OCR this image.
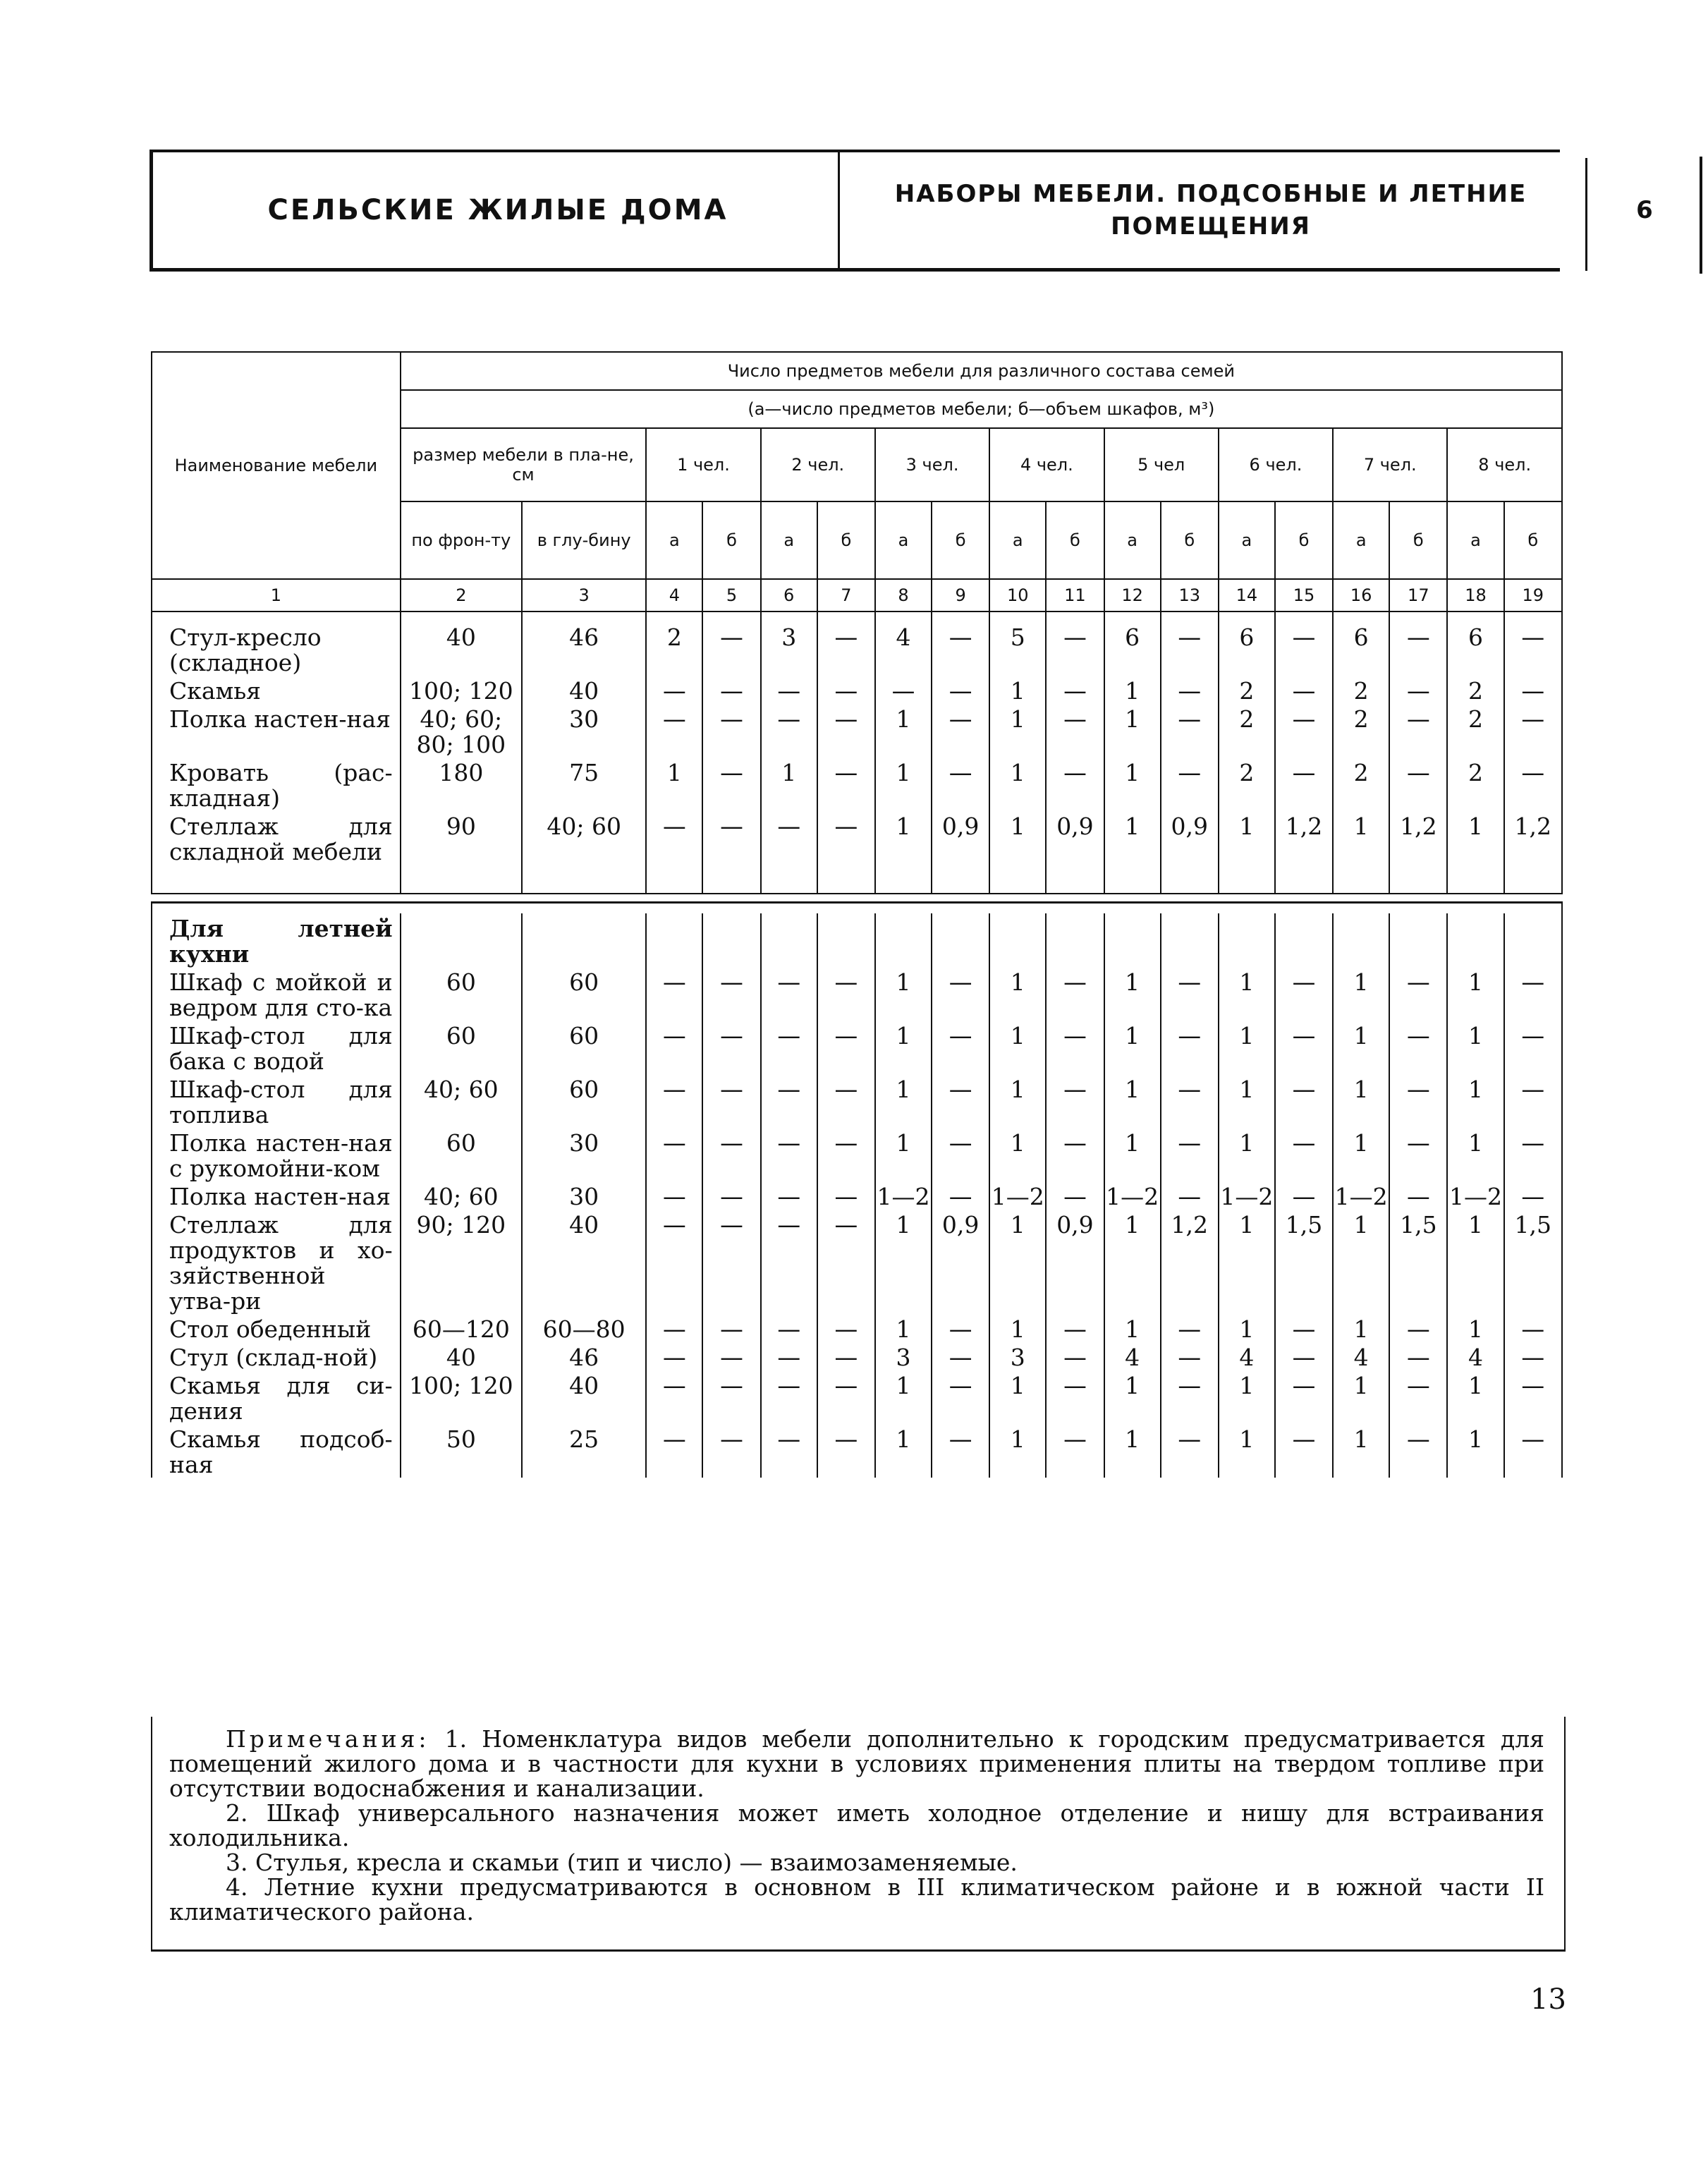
СЕЛЬСКИЕ ЖИЛЫЕ ДОМА	НАБОРЫ МЕБЕЛИ. ПОДСОБНЫЕ И ЛЕТНИЕ
ПОМЕЩЕНИЯ
6
Наименование мебели	Число предметов мебели для различного состава семей																	
	(а—число предметов мебели; б—объем шкафов, м³)																	
	размер мебели в пла-не, см		1 чел.		2 чел.		3 чел.		4 чел.		5 чел		6 чел.		7 чел.		8 чел.	
	по фрон-ту	в глу-бину	а	б	а	б	а	б	а	б	а	б	а	б	а	б	а	б
1	2	3	4	5	6	7	8	9	10	11	12	13	14	15	16	17	18	19

Стул-кресло (складное)	40	46	2	—	3	—	4	—	5	—	6	—	6	—	6	—	6	—
Скамья	100; 120	40	—	—	—	—	—	—	1	—	1	—	2	—	2	—	2	—
Полка настен-ная	40; 60; 80; 100	30	—	—	—	—	1	—	1	—	1	—	2	—	2	—	2	—
Кровать (рас-кладная)	180	75	1	—	1	—	1	—	1	—	1	—	2	—	2	—	2	—
Стеллаж для складной мебели	90	40; 60	—	—	—	—	1	0,9	1	0,9	1	0,9	1	1,2	1	1,2	1	1,2

Для летней кухни																		
Шкаф с мойкой и ведром для сто-ка	60	60	—	—	—	—	1	—	1	—	1	—	1	—	1	—	1	—
Шкаф-стол для бака с водой	60	60	—	—	—	—	1	—	1	—	1	—	1	—	1	—	1	—
Шкаф-стол для топлива	40; 60	60	—	—	—	—	1	—	1	—	1	—	1	—	1	—	1	—
Полка настен-ная с рукомойни-ком	60	30	—	—	—	—	1	—	1	—	1	—	1	—	1	—	1	—
Полка настен-ная	40; 60	30	—	—	—	—	1—2	—	1—2	—	1—2	—	1—2	—	1—2	—	1—2	—
Стеллаж для продуктов и хо-зяйственной утва-ри	90; 120	40	—	—	—	—	1	0,9	1	0,9	1	1,2	1	1,5	1	1,5	1	1,5
Стол обеденный	60—120	60—80	—	—	—	—	1	—	1	—	1	—	1	—	1	—	1	—
Стул (склад-ной)	40	46	—	—	—	—	3	—	3	—	4	—	4	—	4	—	4	—
Скамья для си-дения	100; 120	40	—	—	—	—	1	—	1	—	1	—	1	—	1	—	1	—
Скамья подсоб-ная	50	25	—	—	—	—	1	—	1	—	1	—	1	—	1	—	1	—

Примечания: 1. Номенклатура видов мебели дополнительно к городским предусматривается для помещений жилого дома и в частности для кухни в условиях применения плиты на твердом топливе при отсутствии водоснабжения и канализации.

2. Шкаф универсального назначения может иметь холодное отделение и нишу для встраивания холодильника.

3. Стулья, кресла и скамьи (тип и число) — взаимозаменяемые.

4. Летние кухни предусматриваются в основном в III климатическом районе и в южной части II климатического района.

13
